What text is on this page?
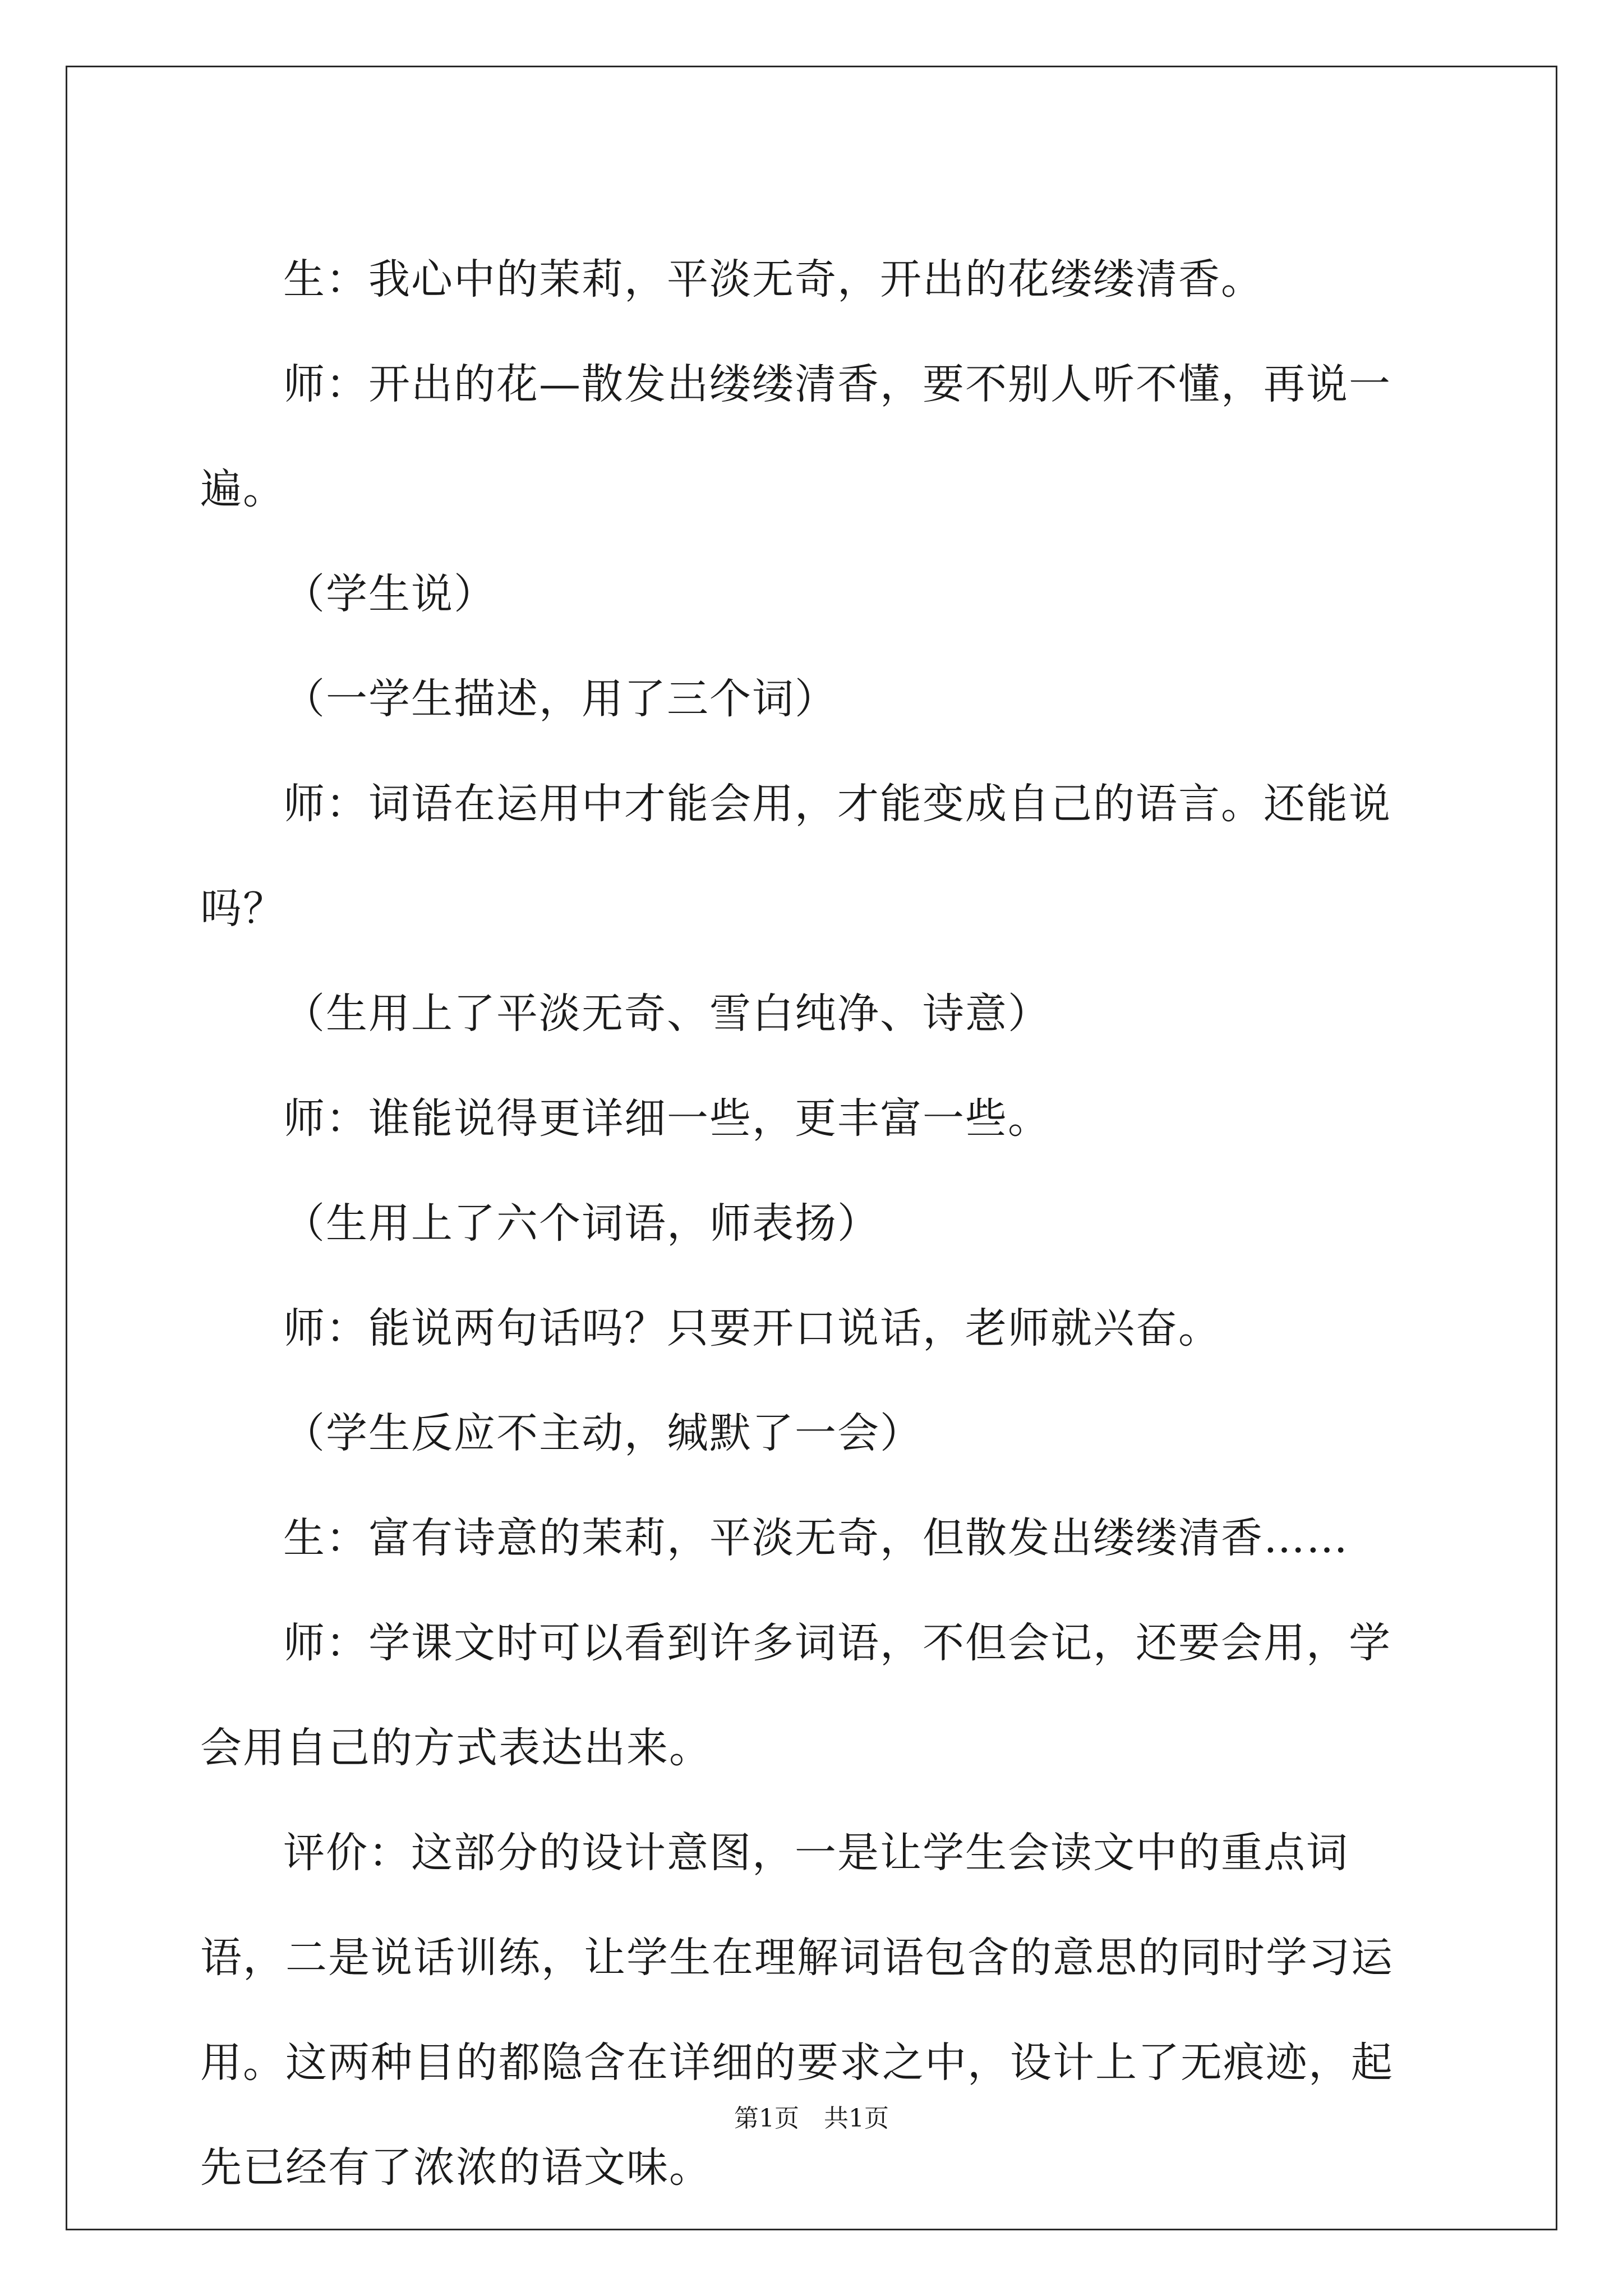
生：我心中的茉莉，平淡无奇，开出的花缕缕清香。

师：开出的花—散发出缕缕清香，要不别人听不懂，再说一遍。

（学生说）

（一学生描述，用了三个词）

师：词语在运用中才能会用，才能变成自己的语言。还能说吗？

（生用上了平淡无奇、雪白纯净、诗意）

师：谁能说得更详细一些，更丰富一些。

（生用上了六个词语，师表扬）

师：能说两句话吗？只要开口说话，老师就兴奋。

（学生反应不主动，缄默了一会）

生：富有诗意的茉莉，平淡无奇，但散发出缕缕清香……

师：学课文时可以看到许多词语，不但会记，还要会用，学会用自己的方式表达出来。

评价：这部分的设计意图，一是让学生会读文中的重点词语，二是说话训练，让学生在理解词语包含的意思的同时学习运用。这两种目的都隐含在详细的要求之中，设计上了无痕迹，起先已经有了浓浓的语文味。

第1页 共1页
